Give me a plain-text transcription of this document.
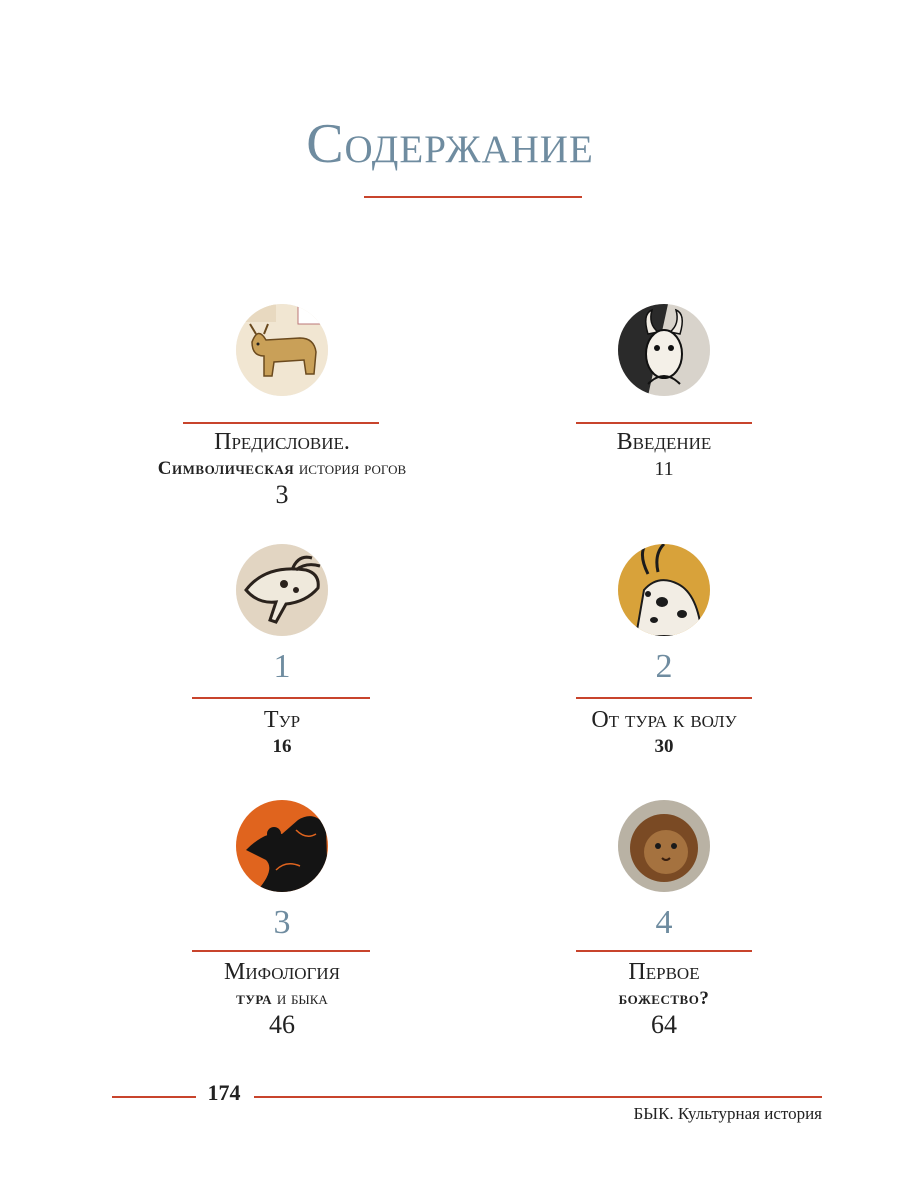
Содержание
Предисловие.
Символическая история рогов
3
Введение
11
1
Тур
16
2
От тура к волу
30
3
Мифология
тура и быка
46
4
Первое
божество?
64
174
БЫК. Культурная история
